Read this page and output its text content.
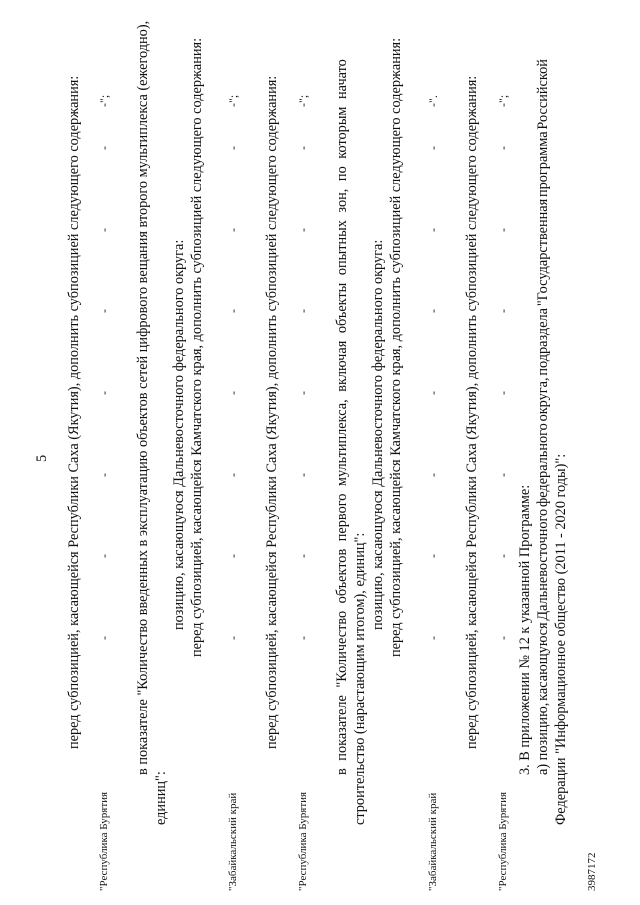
5 перед субпозицией, касающейся Республики Саха (Якутия), дополнить субпозицией следующего содержания:
"Республика Бурятия
-
-
-
-
-
-
-
-"; в показателе "Количество введенных в эксплуатацию объектов сетей цифрового вещания второго мультиплекса (ежегодно),
единиц":
позицию, касающуюся Дальневосточного федерального округа: перед субпозицией, касающейся Камчатского края, дополнить субпозицией следующего содержания:
"Забайкальский край
-
-
-
-
-
-
-
-"; перед субпозицией, касающейся Республики Саха (Якутия), дополнить субпозицией следующего содержания:
"Республика Бурятия
-
-
-
-
-
-
-
-";
в
показателе
"Количество
объектов
первого
мультиплекса,
включая
объекты
опытных
зон,
по
которым
начато
строительство (нарастающим итогом), единиц":
позицию, касающуюся Дальневосточного федерального округа: перед субпозицией, касающейся Камчатского края, дополнить субпозицией следующего содержания:
"Забайкальский край
-
-
-
-
-
-
-
-". перед субпозицией, касающейся Республики Саха (Якутия), дополнить субпозицией следующего содержания:
"Республика Бурятия
-
-
-
-
-
-
-
-";
3. В приложении № 12 к указанной Программе: а) позицию,
касающуюся
Дальневосточного
федерального
округа,
подраздела
"Государственная
программа
Российской
Федерации "Информационное общество (2011 - 2020 годы)":
3987172
